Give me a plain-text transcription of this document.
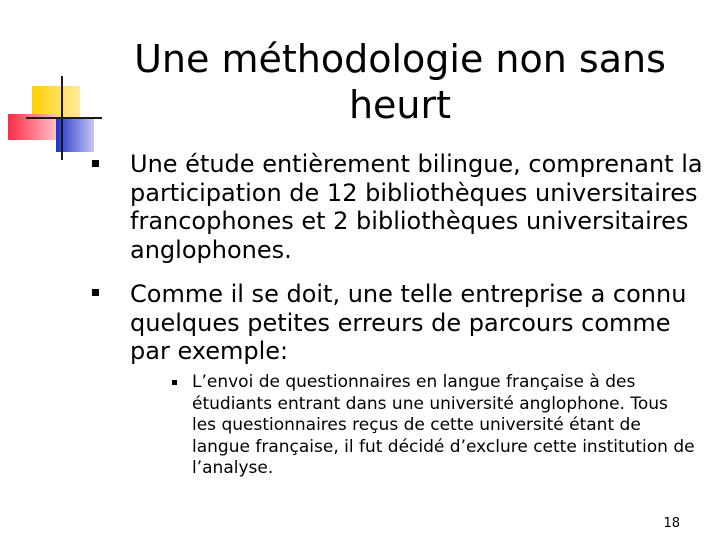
Une méthodologie non sans heurt
Une étude entièrement bilingue, comprenant la participation de 12 bibliothèques universitaires francophones et 2 bibliothèques universitaires anglophones.
Comme il se doit, une telle entreprise a connu quelques petites erreurs de parcours comme par exemple:
L’envoi de questionnaires en langue française à des étudiants entrant dans une université anglophone. Tous les questionnaires reçus de cette université étant de langue française, il fut décidé d’exclure cette institution de l’analyse.
18
